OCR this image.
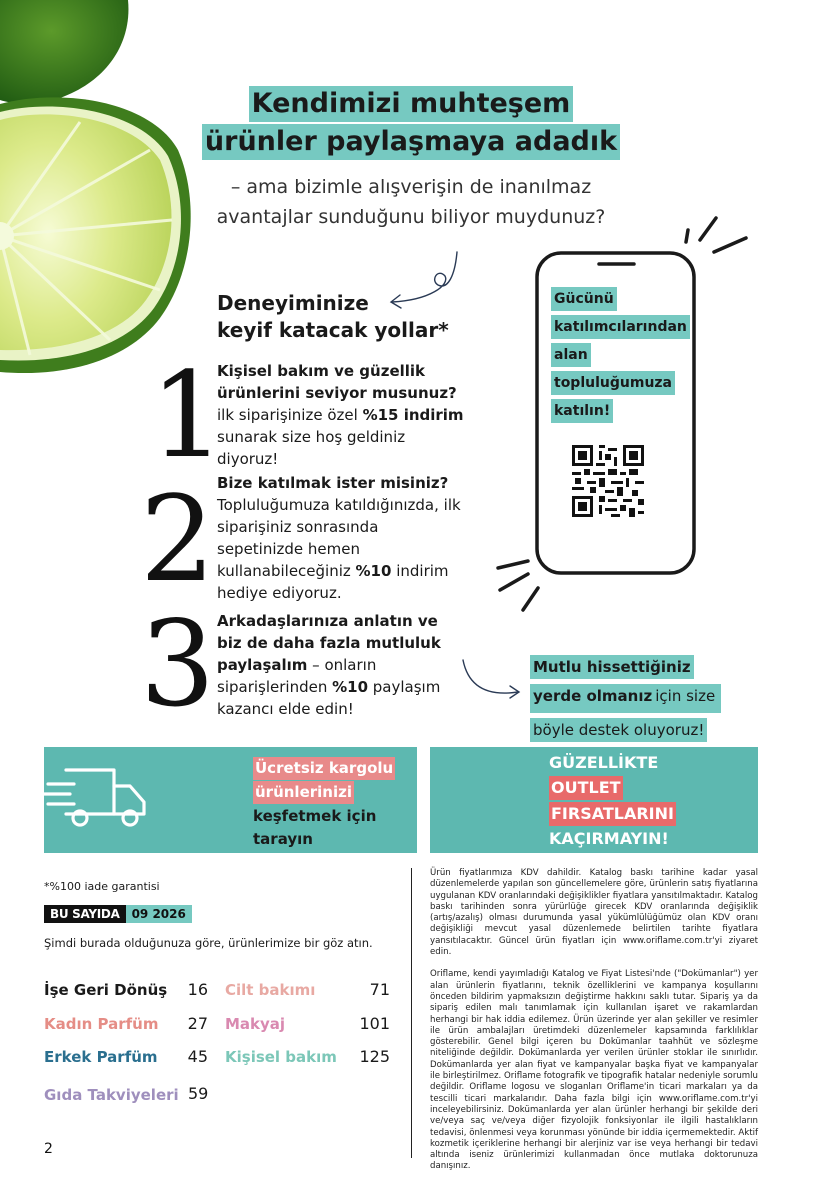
Kendimizi muhteşem
ürünler paylaşmaya adadık
– ama bizimle alışverişin de inanılmaz
avantajlar sunduğunu biliyor muydunuz?
Deneyiminize
keyif katacak yollar*
1
2
3
Kişisel bakım ve güzellik ürünlerini seviyor musunuz? ilk siparişinize özel %15 indirim sunarak size hoş geldiniz diyoruz!
Bize katılmak ister misiniz? Topluluğumuza katıldığınızda, ilk siparişiniz sonrasında sepetinizde hemen kullanabileceğiniz %10 indirim hediye ediyoruz.
Arkadaşlarınıza anlatın ve biz de daha fazla mutluluk paylaşalım – onların siparişlerinden %10 paylaşım kazancı elde edin!
Gücünü
katılımcılarından
alan
topluluğumuza
katılın!
Mutlu hissettiğiniz
yerde olmanıziçin size
böyle destek oluyoruz!
Ücretsiz kargolu
ürünlerinizi
keşfetmek için
tarayın
GÜZELLİKTE
OUTLET
FIRSATLARINI
KAÇIRMAYIN!
*%100 iade garantisi
BU SAYIDA 09 2026
Şimdi burada olduğunuza göre, ürünlerimize bir göz atın.
İşe Geri Dönüş	16
Kadın Parfüm	27
Erkek Parfüm	45
Gıda Takviyeleri 59
Cilt bakımı	71
Makyaj	101
Kişisel bakım	125

Ürün fiyatlarımıza KDV dahildir. Katalog baskı tarihine kadar yasal düzenlemelerde yapılan son güncellemelere göre, ürünlerin satış fiyatlarına uygulanan KDV oranlarındaki değişiklikler fiyatlara yansıtılmaktadır. Katalog baskı tarihinden sonra yürürlüğe girecek KDV oranlarında değişiklik (artış/azalış) olması durumunda yasal yükümlülüğümüz olan KDV oranı değişikliği mevcut yasal düzenlemede belirtilen tarihte fiyatlara yansıtılacaktır. Güncel ürün fiyatları için www.oriflame.com.tr'yi ziyaret edin.

Oriflame, kendi yayımladığı Katalog ve Fiyat Listesi'nde ("Dokümanlar") yer alan ürünlerin fiyatlarını, teknik özelliklerini ve kampanya koşullarını önceden bildirim yapmaksızın değiştirme hakkını saklı tutar. Sipariş ya da sipariş edilen malı tanımlamak için kullanılan işaret ve rakamlardan herhangi bir hak iddia edilemez. Ürün üzerinde yer alan şekiller ve resimler ile ürün ambalajları üretimdeki düzenlemeler kapsamında farklılıklar gösterebilir. Genel bilgi içeren bu Dokümanlar taahhüt ve sözleşme niteliğinde değildir. Dokümanlarda yer verilen ürünler stoklar ile sınırlıdır. Dokümanlarda yer alan fiyat ve kampanyalar başka fiyat ve kampanyalar ile birleştirilmez. Oriflame fotografik ve tipografik hatalar nedeniyle sorumlu değildir. Oriflame logosu ve sloganları Oriflame'in ticari markaları ya da tescilli ticari markalarıdır. Daha fazla bilgi için www.oriflame.com.tr'yi inceleyebilirsiniz. Dokümanlarda yer alan ürünler herhangi bir şekilde deri ve/veya saç ve/veya diğer fizyolojik fonksiyonlar ile ilgili hastalıkların tedavisi, önlenmesi veya korunması yönünde bir iddia içermemektedir. Aktif kozmetik içeriklerine herhangi bir alerjiniz var ise veya herhangi bir tedavi altında iseniz ürünlerimizi kullanmadan önce mutlaka doktorunuza danışınız.

2
